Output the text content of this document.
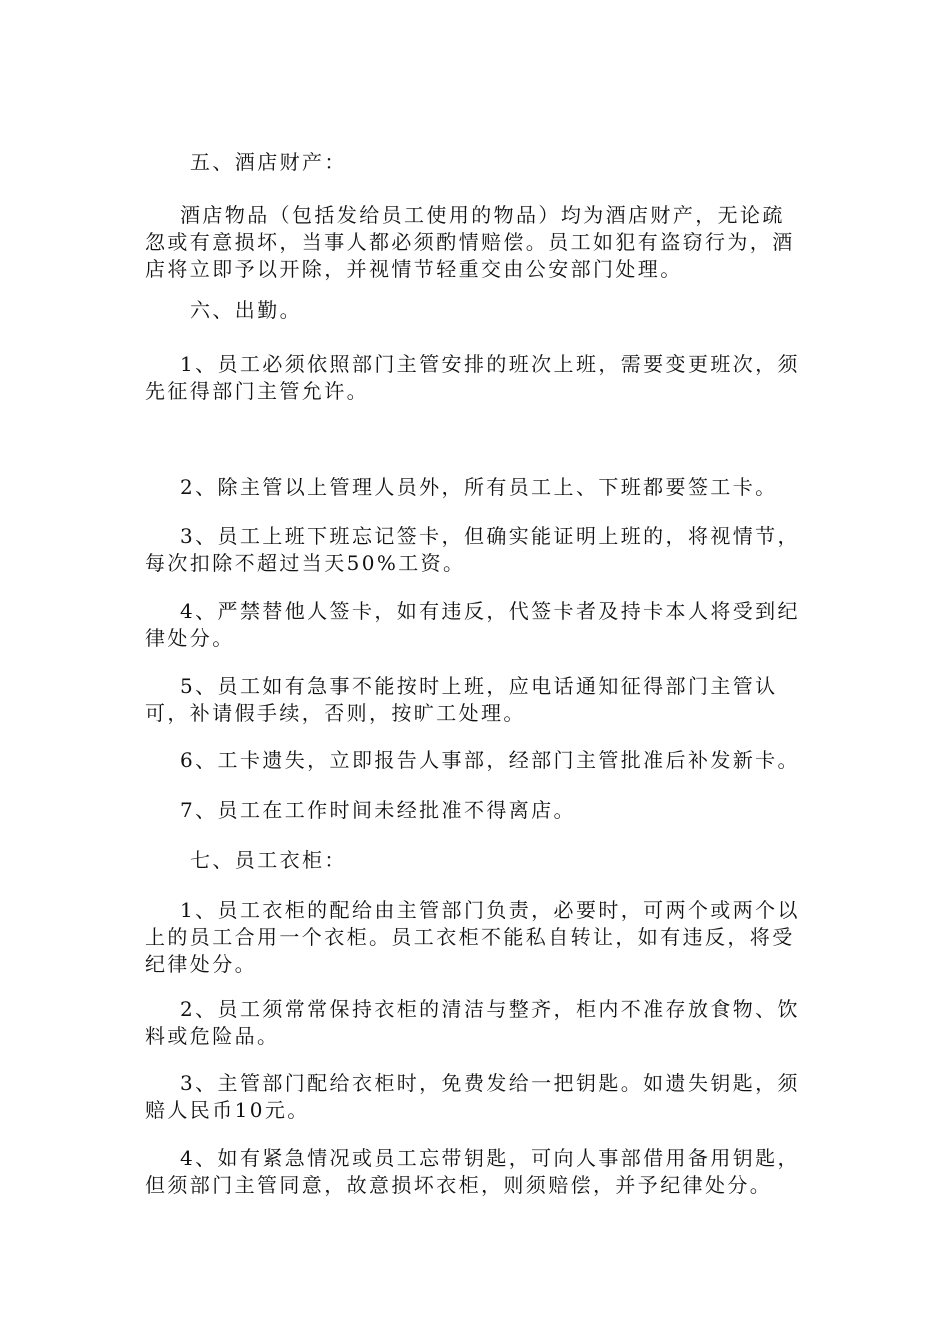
五、酒店财产：
酒店物品（包括发给员工使用的物品）均为酒店财产，无论疏忽或有意损坏，当事人都必须酌情赔偿。员工如犯有盗窃行为，酒店将立即予以开除，并视情节轻重交由公安部门处理。
六、出勤。
1、员工必须依照部门主管安排的班次上班，需要变更班次，须先征得部门主管允许。
2、除主管以上管理人员外，所有员工上、下班都要签工卡。
3、员工上班下班忘记签卡，但确实能证明上班的，将视情节，每次扣除不超过当天50%工资。
4、严禁替他人签卡，如有违反，代签卡者及持卡本人将受到纪律处分。
5、员工如有急事不能按时上班，应电话通知征得部门主管认可，补请假手续，否则，按旷工处理。
6、工卡遗失，立即报告人事部，经部门主管批准后补发新卡。
7、员工在工作时间未经批准不得离店。
七、员工衣柜：
1、员工衣柜的配给由主管部门负责，必要时，可两个或两个以上的员工合用一个衣柜。员工衣柜不能私自转让，如有违反，将受纪律处分。
2、员工须常常保持衣柜的清洁与整齐，柜内不准存放食物、饮料或危险品。
3、主管部门配给衣柜时，免费发给一把钥匙。如遗失钥匙，须赔人民币10元。
4、如有紧急情况或员工忘带钥匙，可向人事部借用备用钥匙，但须部门主管同意，故意损坏衣柜，则须赔偿，并予纪律处分。
